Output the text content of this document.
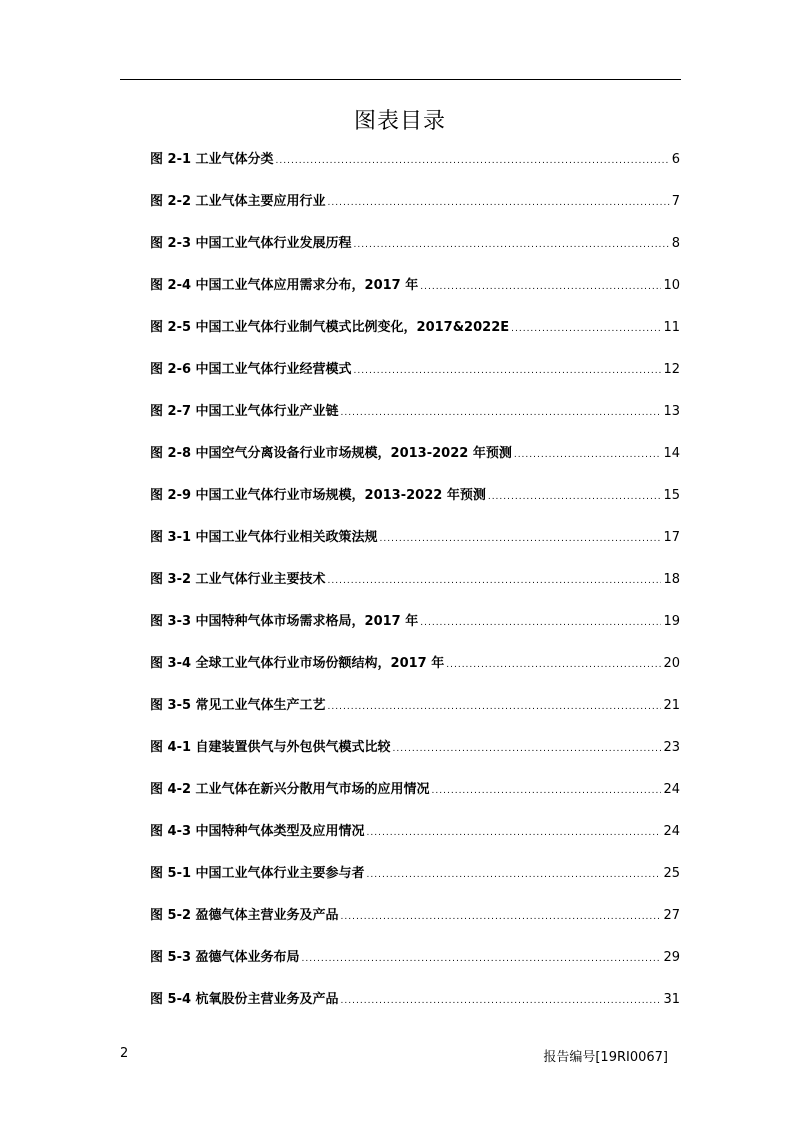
图表目录
图 2-1 工业气体分类 .....	6
图 2-2 工业气体主要应用行业 .....	7
图 2-3 中国工业气体行业发展历程 .....	8
图 2-4 中国工业气体应用需求分布，2017 年 .....	10
图 2-5 中国工业气体行业制气模式比例变化，2017&2022E .....	11
图 2-6 中国工业气体行业经营模式 .....	12
图 2-7 中国工业气体行业产业链 .....	13
图 2-8 中国空气分离设备行业市场规模，2013-2022 年预测 .....	14
图 2-9 中国工业气体行业市场规模，2013-2022 年预测 .....	15
图 3-1 中国工业气体行业相关政策法规 .....	17
图 3-2 工业气体行业主要技术 .....	18
图 3-3 中国特种气体市场需求格局，2017 年 .....	19
图 3-4 全球工业气体行业市场份额结构，2017 年 .....	20
图 3-5 常见工业气体生产工艺 .....	21
图 4-1 自建装置供气与外包供气模式比较 .....	23
图 4-2 工业气体在新兴分散用气市场的应用情况 .....	24
图 4-3 中国特种气体类型及应用情况 .....	24
图 5-1 中国工业气体行业主要参与者 .....	25
图 5-2 盈德气体主营业务及产品 .....	27
图 5-3 盈德气体业务布局 .....	29
图 5-4 杭氧股份主营业务及产品 .....	31
2	报告编号[19RI0067]
